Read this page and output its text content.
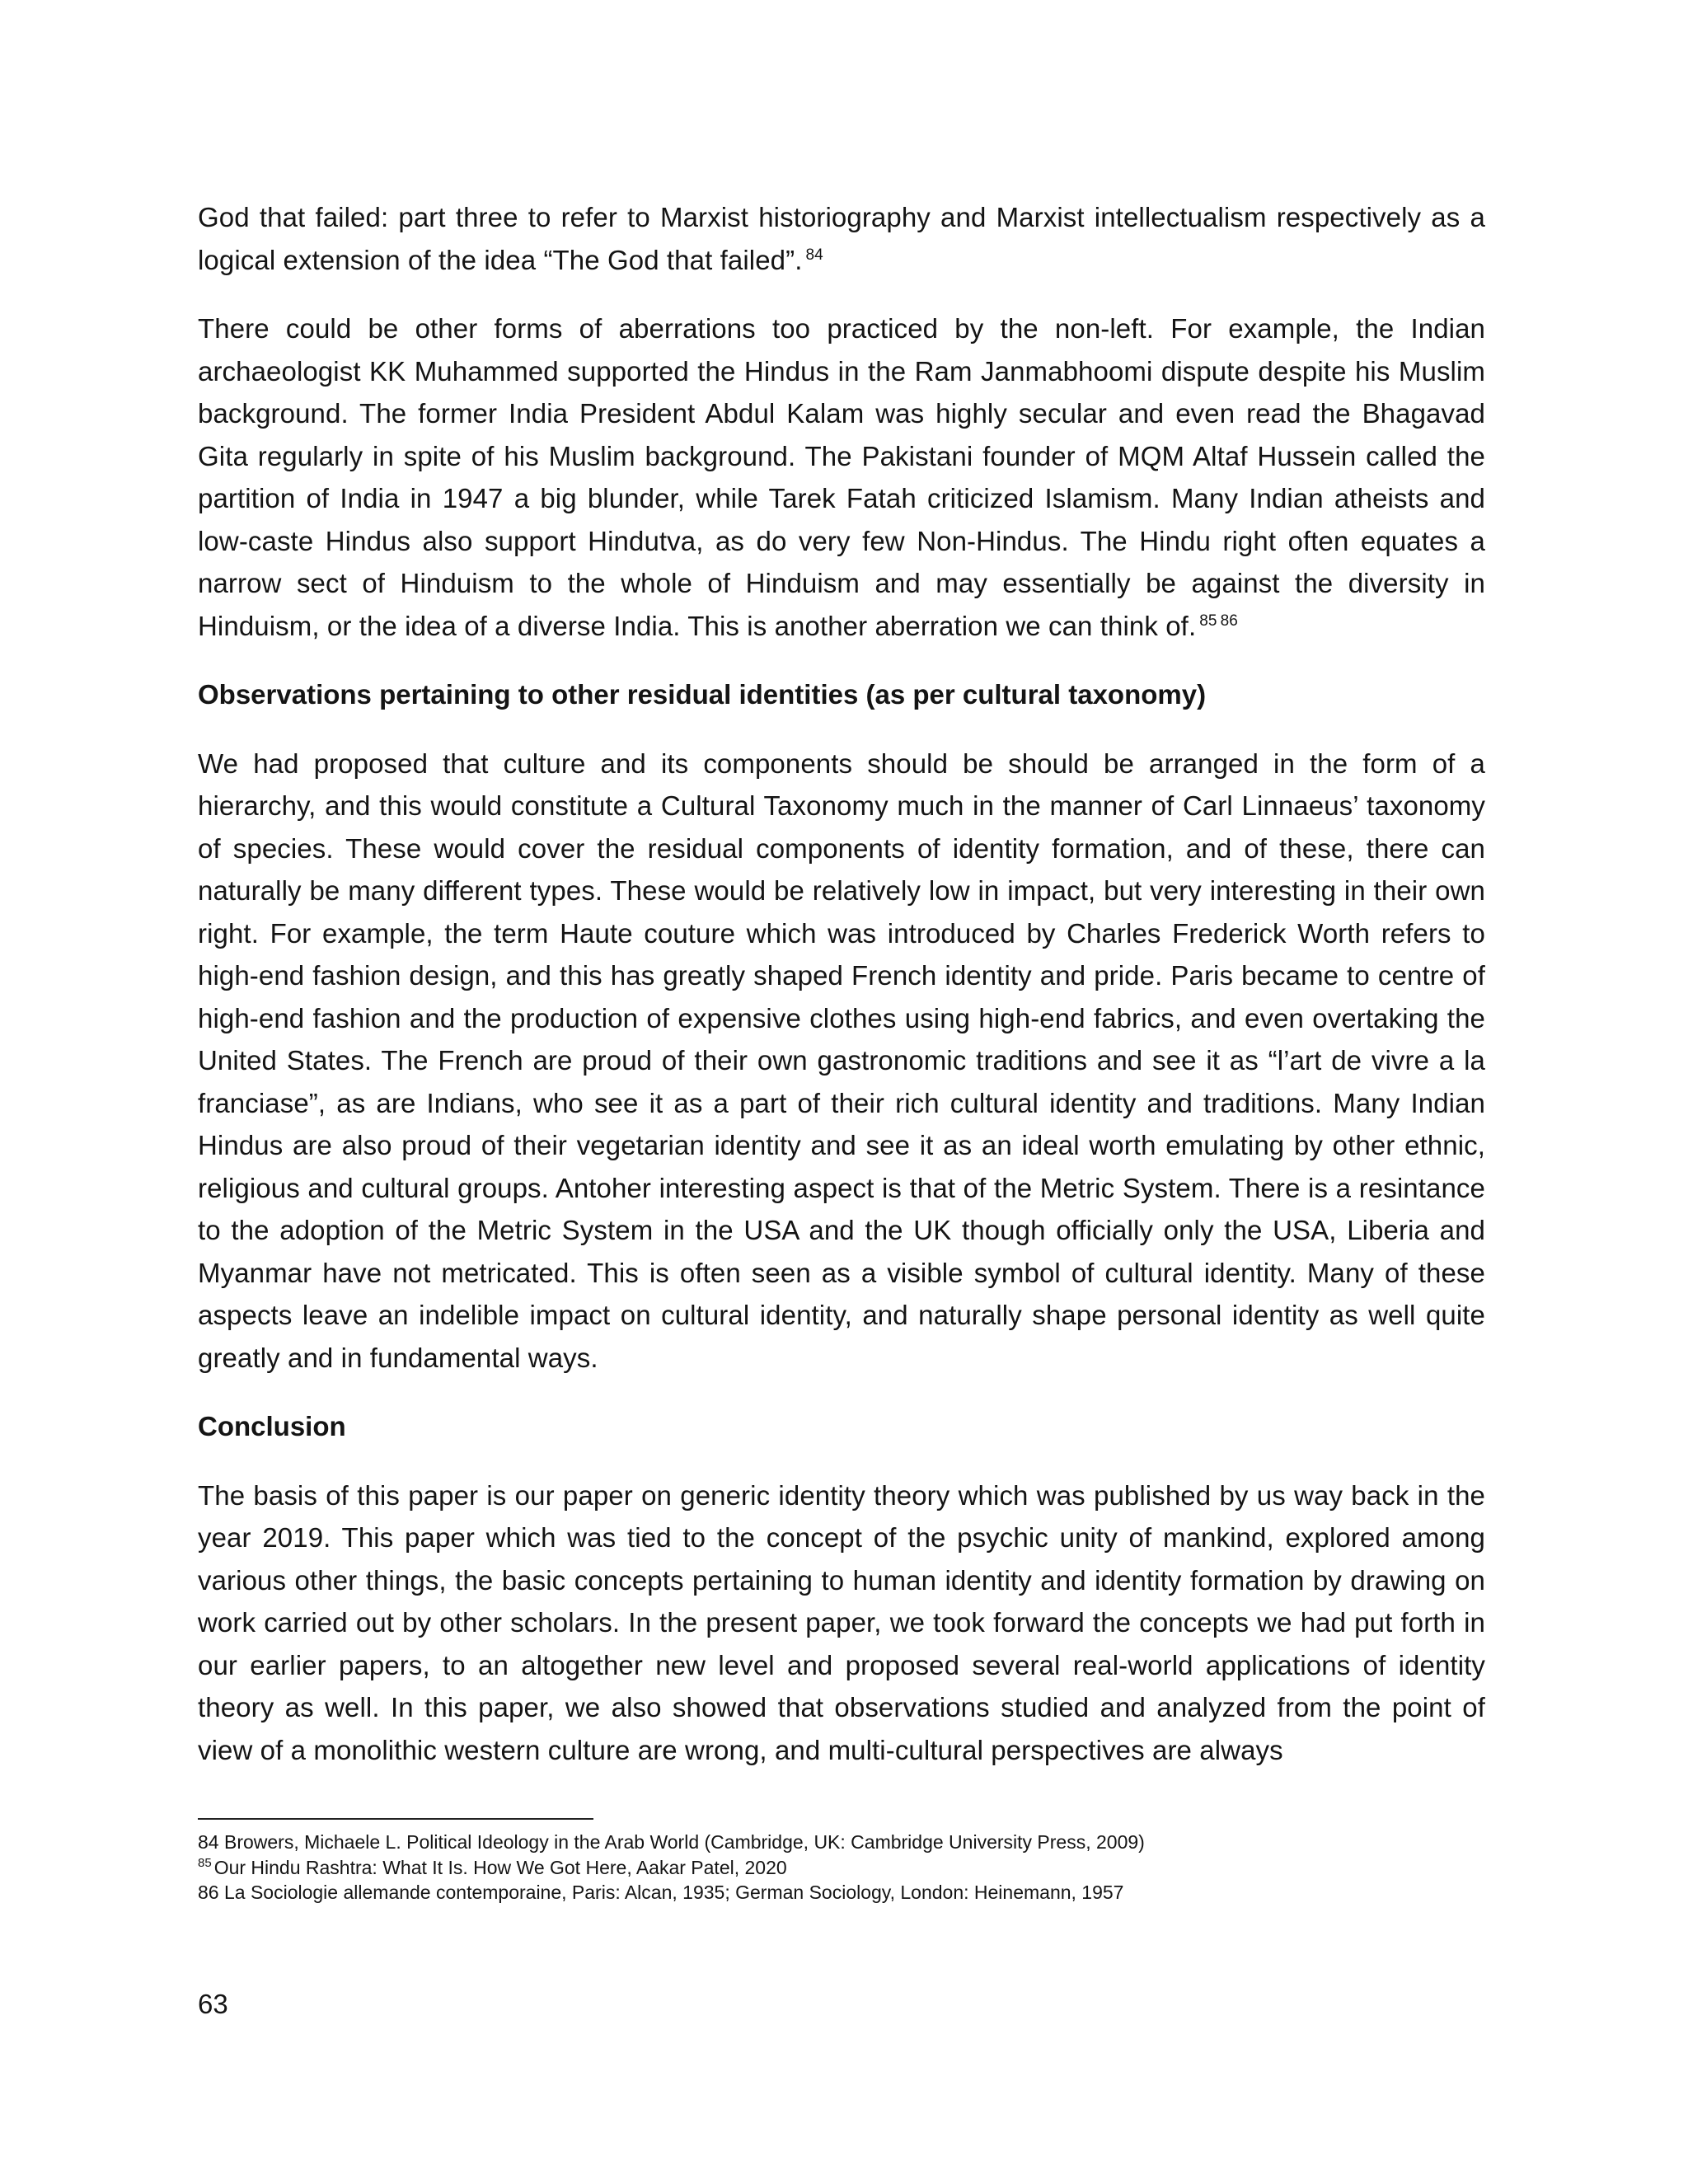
God that failed: part three to refer to Marxist historiography and Marxist intellectualism respectively as a logical extension of the idea “The God that failed”. $^{84}$

There could be other forms of aberrations too practiced by the non-left. For example, the Indian archaeologist KK Muhammed supported the Hindus in the Ram Janmabhoomi dispute despite his Muslim background. The former India President Abdul Kalam was highly secular and even read the Bhagavad Gita regularly in spite of his Muslim background. The Pakistani founder of MQM Altaf Hussein called the partition of India in 1947 a big blunder, while Tarek Fatah criticized Islamism. Many Indian atheists and low-caste Hindus also support Hindutva, as do very few Non-Hindus. The Hindu right often equates a narrow sect of Hinduism to the whole of Hinduism and may essentially be against the diversity in Hinduism, or the idea of a diverse India. This is another aberration we can think of. $^{85}$ $^{86}$

Observations pertaining to other residual identities (as per cultural taxonomy)

We had proposed that culture and its components should be should be arranged in the form of a hierarchy, and this would constitute a Cultural Taxonomy much in the manner of Carl Linnaeus’ taxonomy of species. These would cover the residual components of identity formation, and of these, there can naturally be many different types. These would be relatively low in impact, but very interesting in their own right. For example, the term Haute couture which was introduced by Charles Frederick Worth refers to high-end fashion design, and this has greatly shaped French identity and pride. Paris became to centre of high-end fashion and the production of expensive clothes using high-end fabrics, and even overtaking the United States. The French are proud of their own gastronomic traditions and see it as “l’art de vivre a la franciase”, as are Indians, who see it as a part of their rich cultural identity and traditions. Many Indian Hindus are also proud of their vegetarian identity and see it as an ideal worth emulating by other ethnic, religious and cultural groups. Antoher interesting aspect is that of the Metric System. There is a resintance to the adoption of the Metric System in the USA and the UK though officially only the USA, Liberia and Myanmar have not metricated. This is often seen as a visible symbol of cultural identity. Many of these aspects leave an indelible impact on cultural identity, and naturally shape personal identity as well quite greatly and in fundamental ways.

Conclusion

The basis of this paper is our paper on generic identity theory which was published by us way back in the year 2019. This paper which was tied to the concept of the psychic unity of mankind, explored among various other things, the basic concepts pertaining to human identity and identity formation by drawing on work carried out by other scholars. In the present paper, we took forward the concepts we had put forth in our earlier papers, to an altogether new level and proposed several real-world applications of identity theory as well. In this paper, we also showed that observations studied and analyzed from the point of view of a monolithic western culture are wrong, and multi-cultural perspectives are always

84 Browers, Michaele L. Political Ideology in the Arab World (Cambridge, UK: Cambridge University Press, 2009)

$^{85}$ Our Hindu Rashtra: What It Is. How We Got Here, Aakar Patel, 2020

86 La Sociologie allemande contemporaine, Paris: Alcan, 1935; German Sociology, London: Heinemann, 1957

63
